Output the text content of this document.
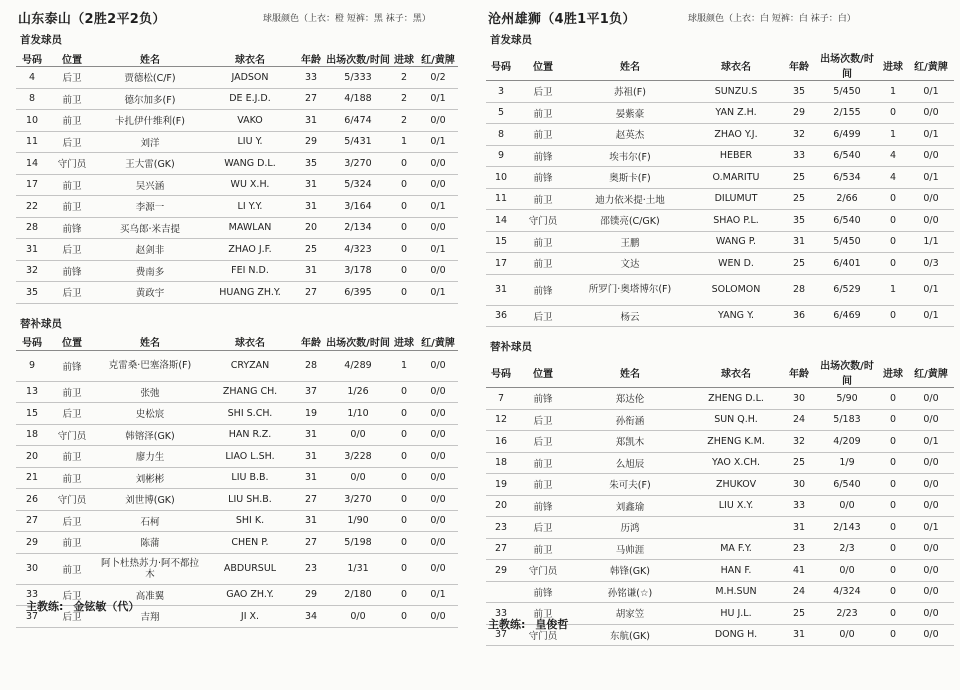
山东泰山（2胜2平2负）	球服颜色（上衣：橙 短裤：黑 袜子：黑）
首发球员
号码	位置	姓名	球衣名	年龄	出场次数/时间	进球	红/黄牌
4	后卫	贾德松(C/F)	JADSON	33	5/333	2	0/2
8	前卫	德尔加多(F)	DE E.J.D.	27	4/188	2	0/1
10	前卫	卡扎伊什维利(F)	VAKO	31	6/474	2	0/0
11	后卫	刘洋	LIU Y.	29	5/431	1	0/1
14	守门员	王大雷(GK)	WANG D.L.	35	3/270	0	0/0
17	前卫	吴兴涵	WU X.H.	31	5/324	0	0/0
22	前卫	李源一	LI Y.Y.	31	3/164	0	0/1
28	前锋	买乌郎·米吉提	MAWLAN	20	2/134	0	0/0
31	后卫	赵剑非	ZHAO J.F.	25	4/323	0	0/1
32	前锋	费南多	FEI N.D.	31	3/178	0	0/0
35	后卫	黄政宇	HUANG ZH.Y.	27	6/395	0	0/1
替补球员
号码	位置	姓名	球衣名	年龄	出场次数/时间	进球	红/黄牌
9	前锋	克雷桑·巴塞洛斯(F)	CRYZAN	28	4/289	1	0/0
13	前卫	张弛	ZHANG CH.	37	1/26	0	0/0
15	后卫	史松宸	SHI S.CH.	19	1/10	0	0/0
18	守门员	韩镕泽(GK)	HAN R.Z.	31	0/0	0	0/0
20	前卫	廖力生	LIAO L.SH.	31	3/228	0	0/0
21	前卫	刘彬彬	LIU B.B.	31	0/0	0	0/0
26	守门员	刘世博(GK)	LIU SH.B.	27	3/270	0	0/0
27	后卫	石柯	SHI K.	31	1/90	0	0/0
29	前卫	陈蒲	CHEN P.	27	5/198	0	0/0
30	前卫	阿卜杜热苏力·阿不都拉木	ABDURSUL	23	1/31	0	0/0
33	后卫	高准翼	GAO ZH.Y.	29	2/180	0	0/1
37	后卫	吉翔	JI X.	34	0/0	0	0/0
主教练: 金铉敏（代）
沧州雄狮（4胜1平1负）	球服颜色（上衣：白 短裤：白 袜子：白）
首发球员
号码	位置	姓名	球衣名	年龄	出场次数/时间	进球	红/黄牌
3	后卫	苏祖(F)	SUNZU.S	35	5/450	1	0/1
5	前卫	晏紫豪	YAN Z.H.	29	2/155	0	0/0
8	前卫	赵英杰	ZHAO Y.J.	32	6/499	1	0/1
9	前锋	埃韦尔(F)	HEBER	33	6/540	4	0/0
10	前锋	奥斯卡(F)	O.MARITU	25	6/534	4	0/1
11	前卫	迪力依米提·土地	DILUMUT	25	2/66	0	0/0
14	守门员	邵镤亮(C/GK)	SHAO P.L.	35	6/540	0	0/0
15	前卫	王鹏	WANG P.	31	5/450	0	1/1
17	前卫	文达	WEN D.	25	6/401	0	0/3
31	前锋	所罗门·奥塔博尔(F)	SOLOMON	28	6/529	1	0/1
36	后卫	杨云	YANG Y.	36	6/469	0	0/1
替补球员
号码	位置	姓名	球衣名	年龄	出场次数/时间	进球	红/黄牌
7	前锋	郑达伦	ZHENG D.L.	30	5/90	0	0/0
12	后卫	孙衔涵	SUN Q.H.	24	5/183	0	0/0
16	后卫	郑凯木	ZHENG K.M.	32	4/209	0	0/1
18	前卫	么旭辰	YAO X.CH.	25	1/9	0	0/0
19	前卫	朱可夫(F)	ZHUKOV	30	6/540	0	0/0
20	前锋	刘鑫瑜	LIU X.Y.	33	0/0	0	0/0
23	后卫	历鸿		31	2/143	0	0/1
27	前卫	马帅涯	MA F.Y.	23	2/3	0	0/0
29	守门员	韩锋(GK)	HAN F.	41	0/0	0	0/0
	前锋	孙铭谦(☆)	M.H.SUN	24	4/324	0	0/0
33	前卫	胡家笠	HU J.L.	25	2/23	0	0/0
37	守门员	东航(GK)	DONG H.	31	0/0	0	0/0
主教练: 皇俊哲
